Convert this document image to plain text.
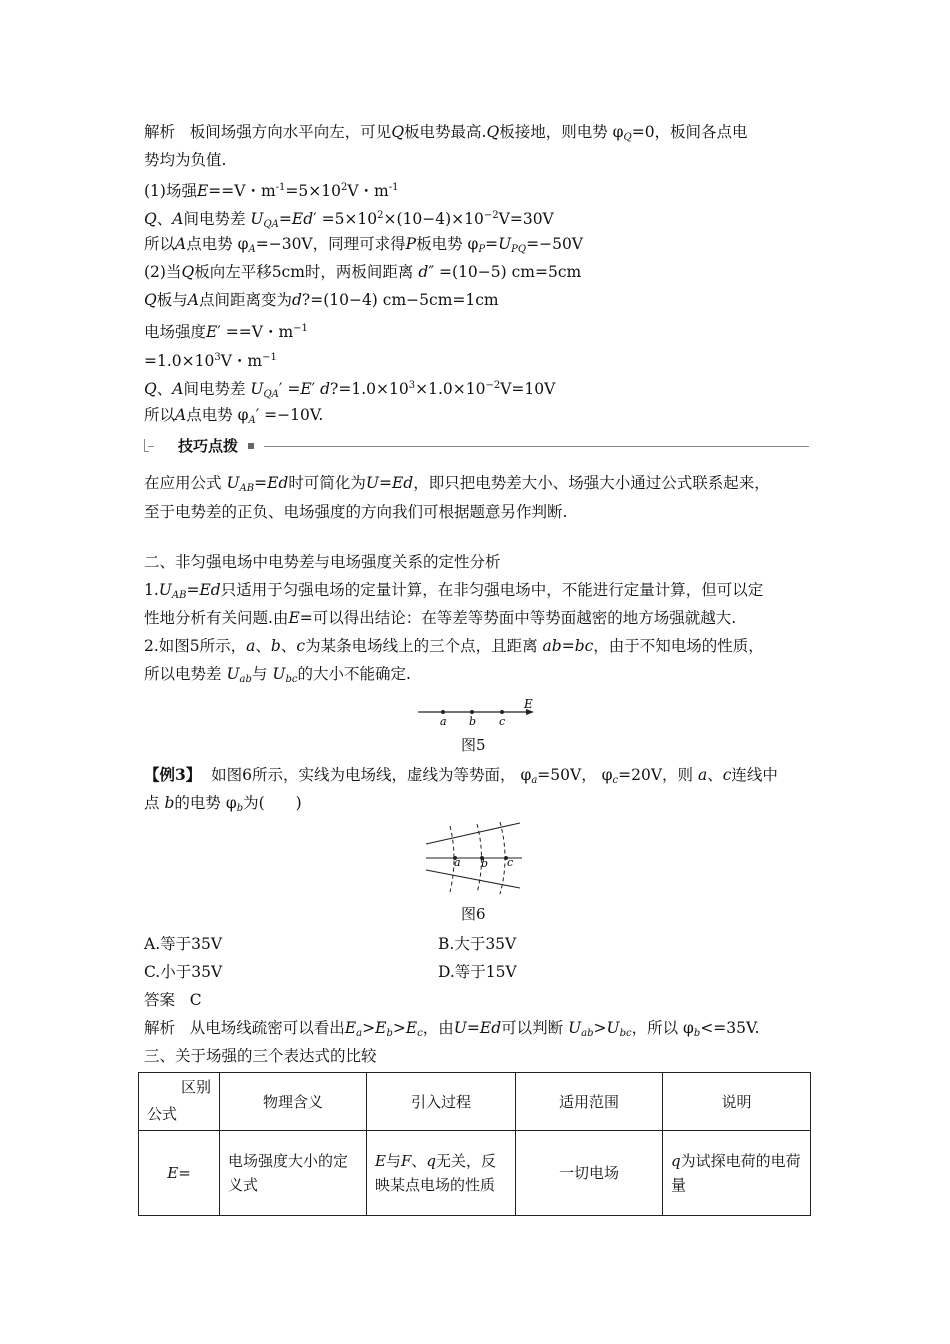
解析 板间场强方向水平向左，可见Q板电势最高.Q板接地，则电势 $\varphi_Q=0$，板间各点电
势均为负值.
(1)场强E==V・$m^{-1}=5\times 10^2V$・$m^{-1}$
Q、A间电势差 $U_{QA}=Ed' =5\times 10^2\times(10-4)\times 10^{-2}V=30V$
所以A点电势 $\varphi_A=-30V$，同理可求得P板电势 $\varphi_P=U_{PQ}=-50V$
(2)当Q板向左平移5cm时，两板间距离 d″ =(10−5) cm=5cm
Q板与A点间距离变为d?=(10−4) cm−5cm=1cm
电场强度E′ ==V・$m^{-1}$
$=1.0\times 10^3V$・$m^{-1}$
Q、A间电势差 $U_{QA}' =E'$ $d?=1.0\times 10^3\times 1.0\times 10^{-2}V=10V$
所以A点电势 $\varphi_A' =-10V$.
技巧点拨
在应用公式 $U_{AB}=Ed$时可简化为U=Ed，即只把电势差大小、场强大小通过公式联系起来，
至于电势差的正负、电场强度的方向我们可根据题意另作判断.
二、非匀强电场中电势差与电场强度关系的定性分析
$1.U_{AB}=Ed$只适用于匀强电场的定量计算，在非匀强电场中，不能进行定量计算，但可以定
性地分析有关问题.由E=可以得出结论：在等差等势面中等势面越密的地方场强就越大.
2.如图5所示，a、b、c为某条电场线上的三个点，且距离 ab=bc，由于不知电场的性质，
所以电势差 $U_{ab}$与 $U_{bc}$的大小不能确定.
a b c
E
图5
【例3】 如图6所示，实线为电场线，虚线为等势面， $\varphi_a=50V$， $\varphi_c=20V$，则 a、c连线中
点 b的电势 $\varphi_b$为(　　)
a b c
图6
A.等于35V	B.大于35V
C.小于35V	D.等于15V
答案 C
解析 从电场线疏密可以看出$E_a>E_b>E_c$，由U=Ed可以判断 $U_{ab}>U_{bc}$，所以 $\varphi_b<=35V$.
三、关于场强的三个表达式的比较
区别
公式	物理含义	引入过程	适用范围	说明
E=	电场强度大小的定义式	E与F、q无关，反映某点电场的性质	一切电场	q为试探电荷的电荷量
